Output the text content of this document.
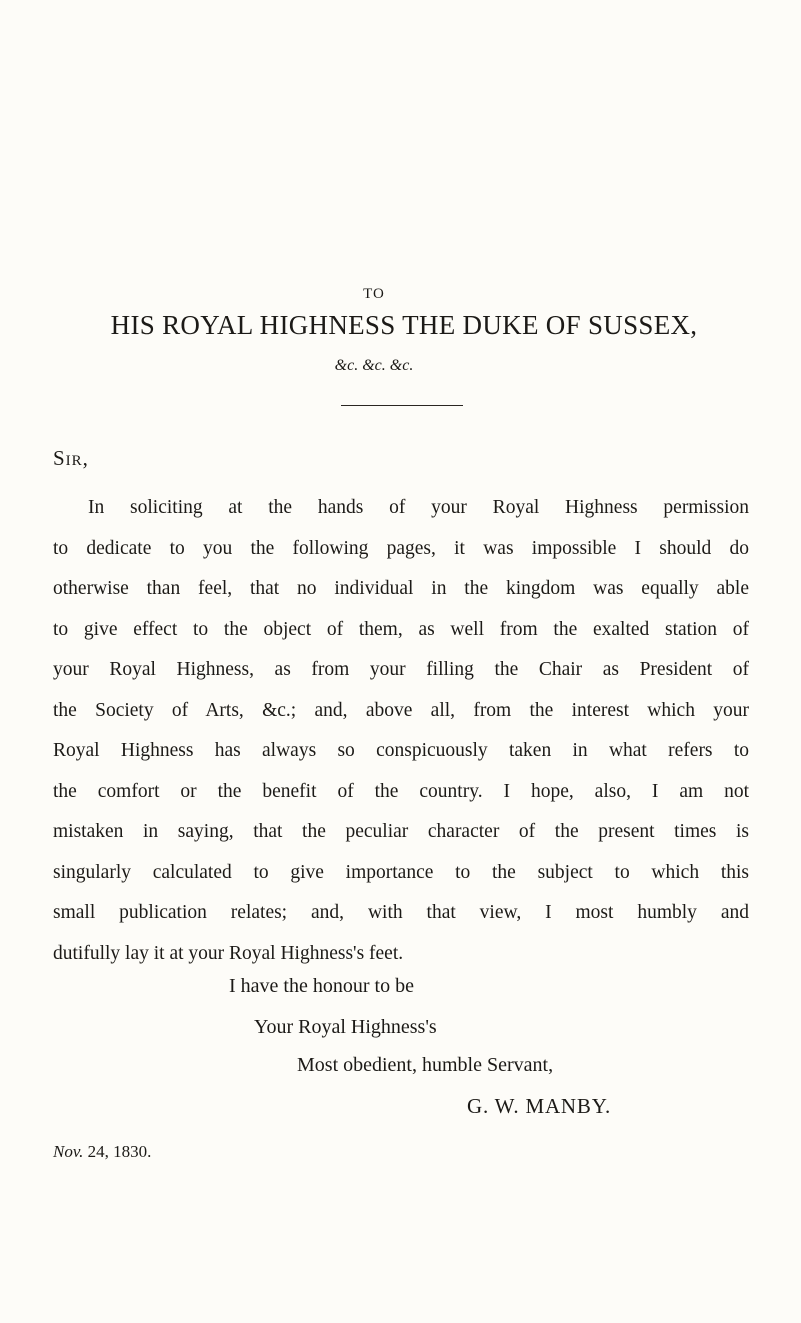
TO
HIS ROYAL HIGHNESS THE DUKE OF SUSSEX,
&c. &c. &c.
Sir,
In soliciting at the hands of your Royal Highness permission
to dedicate to you the following pages, it was impossible I should do
otherwise than feel, that no individual in the kingdom was equally able
to give effect to the object of them, as well from the exalted station of
your Royal Highness, as from your filling the Chair as President of
the Society of Arts, &c.; and, above all, from the interest which your
Royal Highness has always so conspicuously taken in what refers to
the comfort or the benefit of the country. I hope, also, I am not
mistaken in saying, that the peculiar character of the present times is
singularly calculated to give importance to the subject to which this
small publication relates; and, with that view, I most humbly and
dutifully lay it at your Royal Highness's feet.
I have the honour to be
Your Royal Highness's
Most obedient, humble Servant,
G. W. MANBY.
Nov. 24, 1830.
